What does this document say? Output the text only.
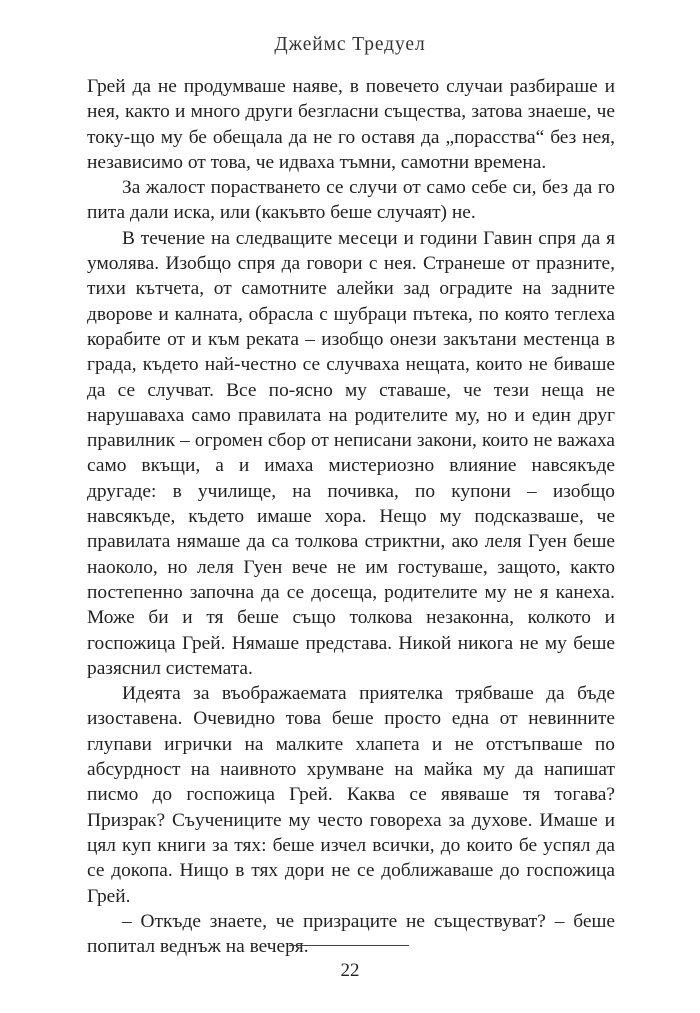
Джеймс Тредуел

Грей да не продумваше наяве, в повечето случаи разбираше и нея, както и много други безгласни същества, затова знаеше, че току-що му бе обещала да не го оставя да „порасства“ без нея, независимо от това, че идваха тъмни, самотни времена.

За жалост порастването се случи от само себе си, без да го пита дали иска, или (какъвто беше случаят) не.

В течение на следващите месеци и години Гавин спря да я умолява. Изобщо спря да говори с нея. Странеше от празните, тихи кътчета, от самотните алейки зад оградите на задните дворове и калната, обрасла с шубраци пътека, по която теглеха корабите от и към реката – изобщо онези закътани местенца в града, където най-честно се случваха нещата, които не биваше да се случват. Все по-ясно му ставаше, че тези неща не нарушаваха само правилата на родителите му, но и един друг правилник – огромен сбор от неписани закони, които не важаха само вкъщи, а и имаха мистериозно влияние навсякъде другаде: в училище, на почивка, по купони – изобщо навсякъде, където имаше хора. Нещо му подсказваше, че правилата нямаше да са толкова стриктни, ако леля Гуен беше наоколо, но леля Гуен вече не им гостуваше, защото, както постепенно започна да се досеща, родителите му не я канеха. Може би и тя беше също толкова незаконна, колкото и госпожица Грей. Нямаше представа. Никой никога не му беше разяснил системата.

Идеята за въображаемата приятелка трябваше да бъде изоставена. Очевидно това беше просто една от невинните глупави игрички на малките хлапета и не отстъпваше по абсурдност на наивното хрумване на майка му да напишат писмо до госпожица Грей. Каква се явяваше тя тогава? Призрак? Съучениците му често говореха за духове. Имаше и цял куп книги за тях: беше изчел всички, до които бе успял да се докопа. Нищо в тях дори не се доближаваше до госпожица Грей.

– Откъде знаете, че призраците не съществуват? – беше попитал веднъж на вечеря.

22
